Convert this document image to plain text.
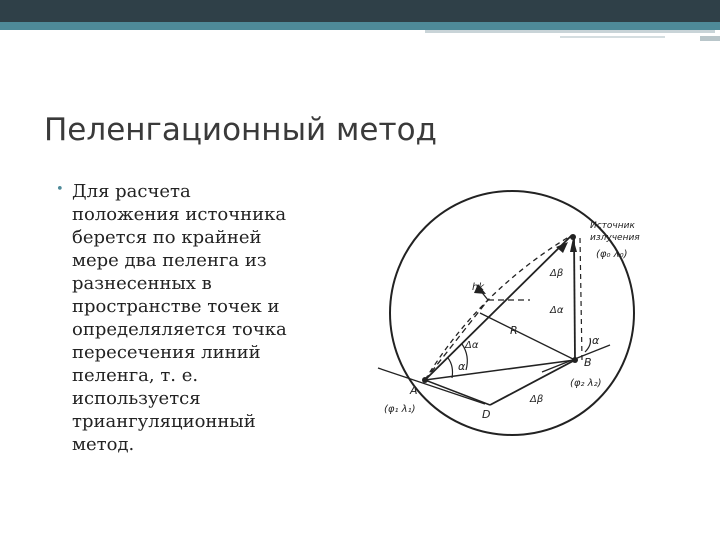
Пеленгационный метод
• Для расчета
положения источника
берется по крайней
мере два пеленга из
разнесенных в
пространстве точек и
определяляется точка
пересечения линий
пеленга, т. е.
используется
триангуляционный
метод.
Источник
излучения
(φ₀ λ₀)
hk
R
Δα
Δα
Δβ
Δβ
α
α
A
B
D
(φ₁ λ₁)
(φ₂ λ₂)
